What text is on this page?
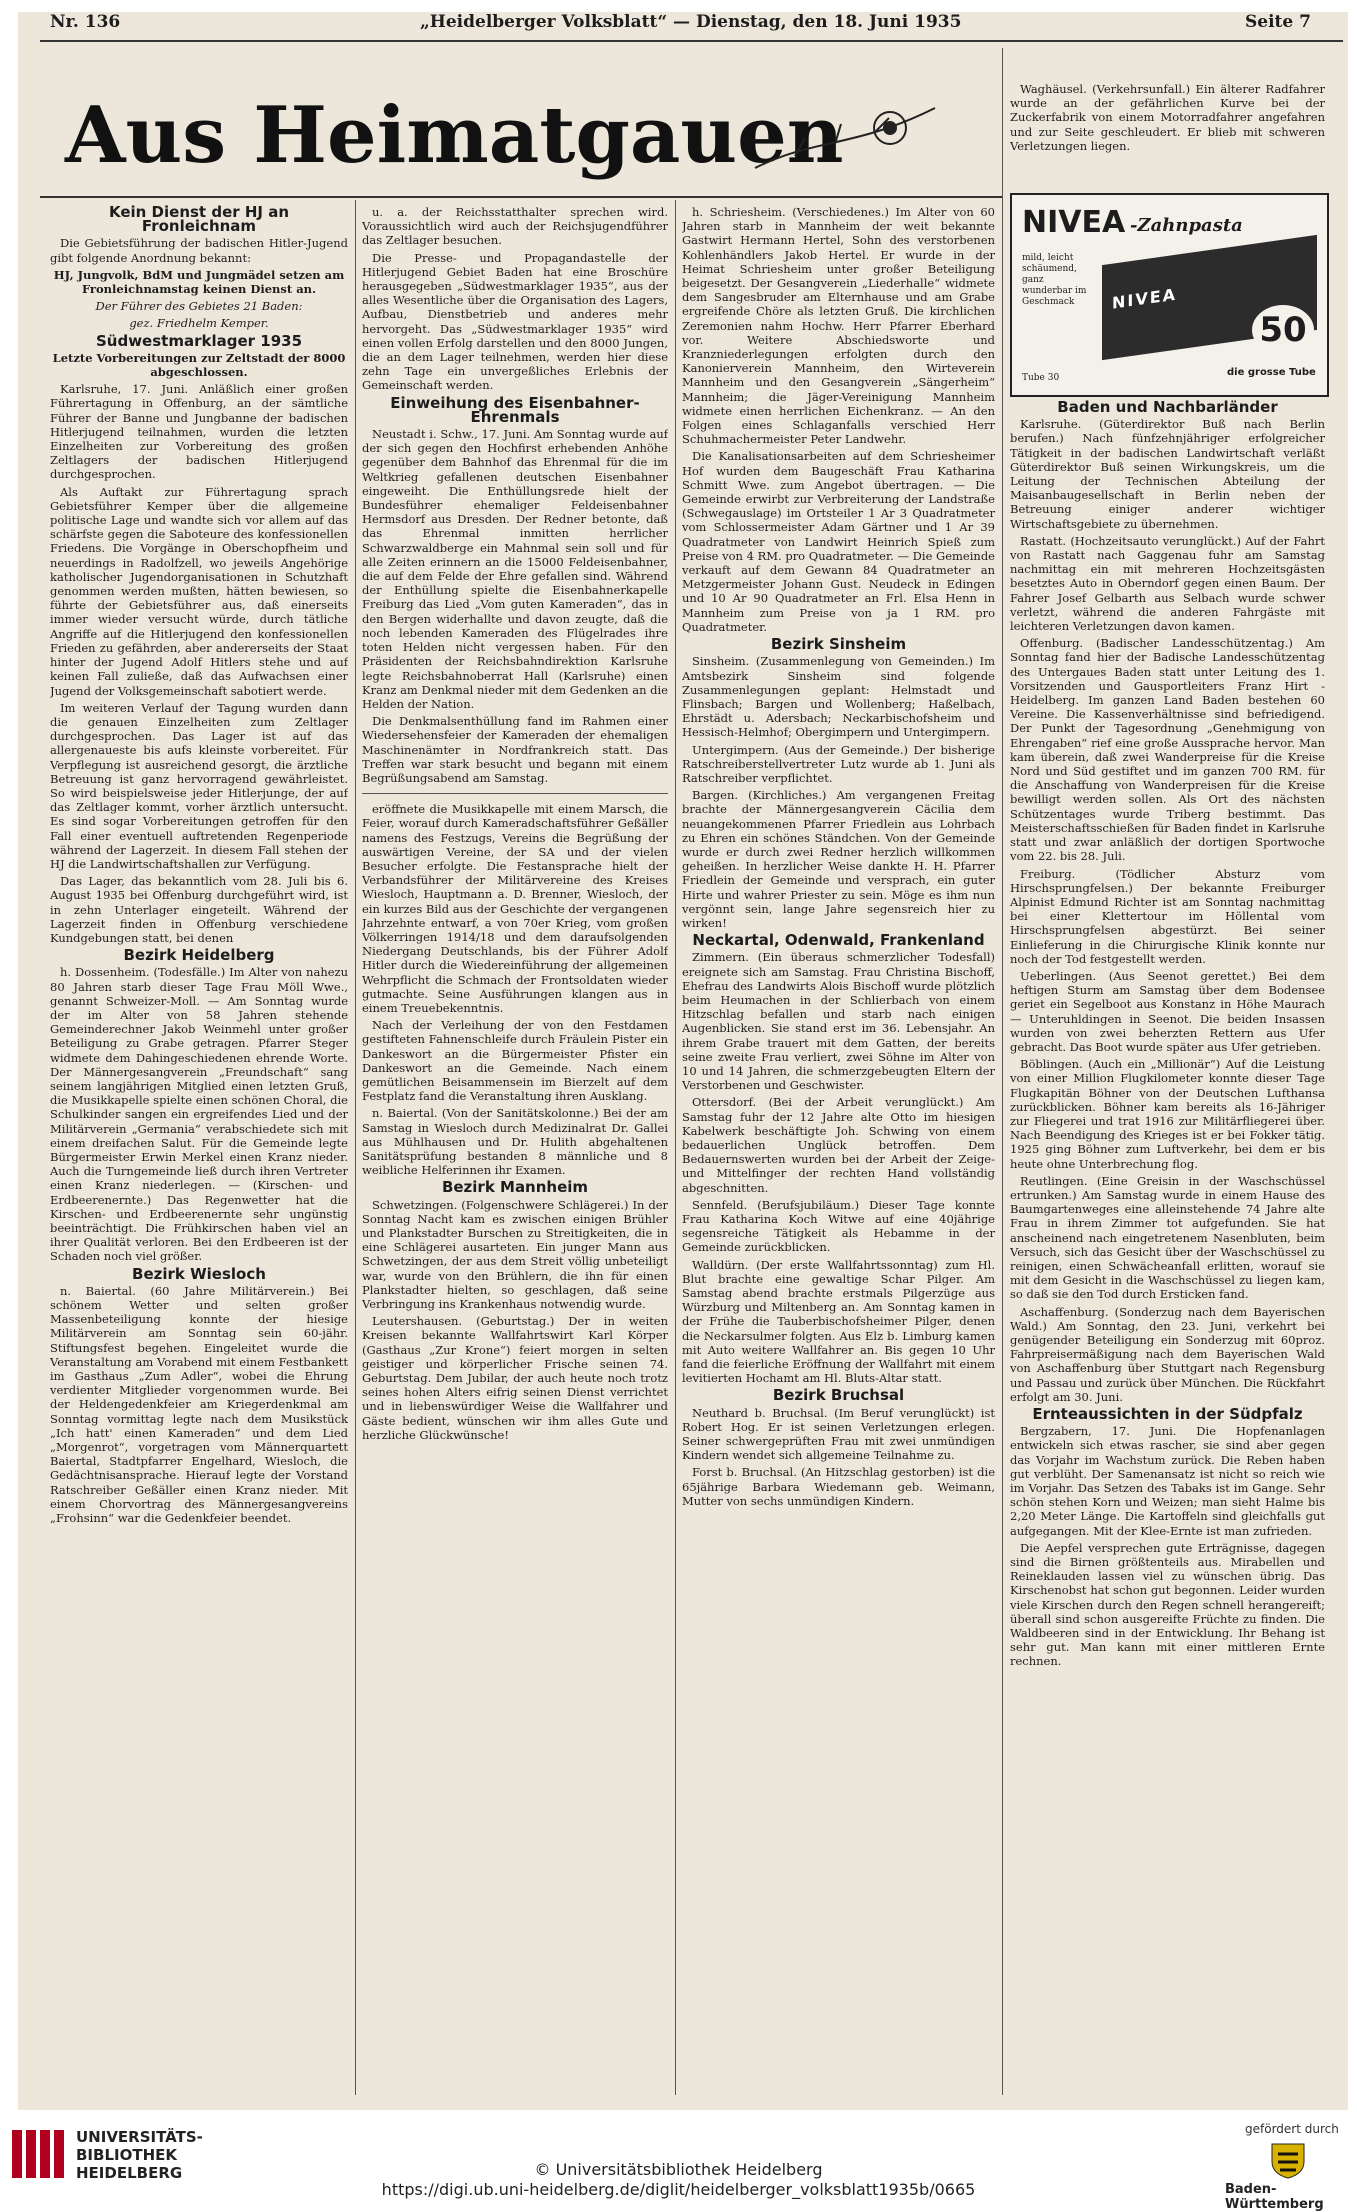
Nr. 136	„Heidelberger Volksblatt“ — Dienstag, den 18. Juni 1935	Seite 7
Aus Heimatgauen

Kein Dienst der HJ an Fronleichnam

Die Gebietsführung der badischen Hitler-Jugend gibt folgende Anordnung bekannt:

HJ, Jungvolk, BdM und Jungmädel setzen am Fronleichnamstag keinen Dienst an.

Der Führer des Gebietes 21 Baden:

gez. Friedhelm Kemper.

Südwestmarklager 1935

Letzte Vorbereitungen zur Zeltstadt der 8000 abgeschlossen.

Karlsruhe, 17. Juni. Anläßlich einer großen Führertagung in Offenburg, an der sämtliche Führer der Banne und Jungbanne der badischen Hitlerjugend teilnahmen, wurden die letzten Einzelheiten zur Vorbereitung des großen Zeltlagers der badischen Hitlerjugend durchgesprochen.

Als Auftakt zur Führertagung sprach Gebietsführer Kemper über die allgemeine politische Lage und wandte sich vor allem auf das schärfste gegen die Saboteure des konfessionellen Friedens. Die Vorgänge in Oberschopfheim und neuerdings in Radolfzell, wo jeweils Angehörige katholischer Jugendorganisationen in Schutzhaft genommen werden mußten, hätten bewiesen, so führte der Gebietsführer aus, daß einerseits immer wieder versucht würde, durch tätliche Angriffe auf die Hitlerjugend den konfessionellen Frieden zu gefährden, aber andererseits der Staat hinter der Jugend Adolf Hitlers stehe und auf keinen Fall zuließe, daß das Aufwachsen einer Jugend der Volksgemeinschaft sabotiert werde.

Im weiteren Verlauf der Tagung wurden dann die genauen Einzelheiten zum Zeltlager durchgesprochen. Das Lager ist auf das allergenaueste bis aufs kleinste vorbereitet. Für Verpflegung ist ausreichend gesorgt, die ärztliche Betreuung ist ganz hervorragend gewährleistet. So wird beispielsweise jeder Hitlerjunge, der auf das Zeltlager kommt, vorher ärztlich untersucht. Es sind sogar Vorbereitungen getroffen für den Fall einer eventuell auftretenden Regenperiode während der Lagerzeit. In diesem Fall stehen der HJ die Landwirtschaftshallen zur Verfügung.

Das Lager, das bekanntlich vom 28. Juli bis 6. August 1935 bei Offenburg durchgeführt wird, ist in zehn Unterlager eingeteilt. Während der Lagerzeit finden in Offenburg verschiedene Kundgebungen statt, bei denen

Bezirk Heidelberg

h. Dossenheim. (Todesfälle.) Im Alter von nahezu 80 Jahren starb dieser Tage Frau Möll Wwe., genannt Schweizer-Moll. — Am Sonntag wurde der im Alter von 58 Jahren stehende Gemeinderechner Jakob Weinmehl unter großer Beteiligung zu Grabe getragen. Pfarrer Steger widmete dem Dahingeschiedenen ehrende Worte. Der Männergesangverein „Freundschaft“ sang seinem langjährigen Mitglied einen letzten Gruß, die Musikkapelle spielte einen schönen Choral, die Schulkinder sangen ein ergreifendes Lied und der Militärverein „Germania“ verabschiedete sich mit einem dreifachen Salut. Für die Gemeinde legte Bürgermeister Erwin Merkel einen Kranz nieder. Auch die Turngemeinde ließ durch ihren Vertreter einen Kranz niederlegen. — (Kirschen- und Erdbeerenernte.) Das Regenwetter hat die Kirschen- und Erdbeerenernte sehr ungünstig beeinträchtigt. Die Frühkirschen haben viel an ihrer Qualität verloren. Bei den Erdbeeren ist der Schaden noch viel größer.

Bezirk Wiesloch

n. Baiertal. (60 Jahre Militärverein.) Bei schönem Wetter und selten großer Massenbeteiligung konnte der hiesige Militärverein am Sonntag sein 60-jähr. Stiftungsfest begehen. Eingeleitet wurde die Veranstaltung am Vorabend mit einem Festbankett im Gasthaus „Zum Adler“, wobei die Ehrung verdienter Mitglieder vorgenommen wurde. Bei der Heldengedenkfeier am Kriegerdenkmal am Sonntag vormittag legte nach dem Musikstück „Ich hatt' einen Kameraden“ und dem Lied „Morgenrot“, vorgetragen vom Männerquartett Baiertal, Stadtpfarrer Engelhard, Wiesloch, die Gedächtnisansprache. Hierauf legte der Vorstand Ratschreiber Geßäller einen Kranz nieder. Mit einem Chorvortrag des Männergesangvereins „Frohsinn“ war die Gedenkfeier beendet.

u. a. der Reichsstatthalter sprechen wird. Voraussichtlich wird auch der Reichsjugendführer das Zeltlager besuchen.

Die Presse- und Propagandastelle der Hitlerjugend Gebiet Baden hat eine Broschüre herausgegeben „Südwestmarklager 1935“, aus der alles Wesentliche über die Organisation des Lagers, Aufbau, Dienstbetrieb und anderes mehr hervorgeht. Das „Südwestmarklager 1935“ wird einen vollen Erfolg darstellen und den 8000 Jungen, die an dem Lager teilnehmen, werden hier diese zehn Tage ein unvergeßliches Erlebnis der Gemeinschaft werden.

Einweihung des Eisenbahner-Ehrenmals

Neustadt i. Schw., 17. Juni. Am Sonntag wurde auf der sich gegen den Hochfirst erhebenden Anhöhe gegenüber dem Bahnhof das Ehrenmal für die im Weltkrieg gefallenen deutschen Eisenbahner eingeweiht. Die Enthüllungsrede hielt der Bundesführer ehemaliger Feldeisenbahner Hermsdorf aus Dresden. Der Redner betonte, daß das Ehrenmal inmitten herrlicher Schwarzwaldberge ein Mahnmal sein soll und für alle Zeiten erinnern an die 15000 Feldeisenbahner, die auf dem Felde der Ehre gefallen sind. Während der Enthüllung spielte die Eisenbahnerkapelle Freiburg das Lied „Vom guten Kameraden“, das in den Bergen widerhallte und davon zeugte, daß die noch lebenden Kameraden des Flügelrades ihre toten Helden nicht vergessen haben. Für den Präsidenten der Reichsbahndirektion Karlsruhe legte Reichsbahnoberrat Hall (Karlsruhe) einen Kranz am Denkmal nieder mit dem Gedenken an die Helden der Nation.

Die Denkmalsenthüllung fand im Rahmen einer Wiedersehensfeier der Kameraden der ehemaligen Maschinenämter in Nordfrankreich statt. Das Treffen war stark besucht und begann mit einem Begrüßungsabend am Samstag.

eröffnete die Musikkapelle mit einem Marsch, die Feier, worauf durch Kameradschaftsführer Geßäller namens des Festzugs, Vereins die Begrüßung der auswärtigen Vereine, der SA und der vielen Besucher erfolgte. Die Festansprache hielt der Verbandsführer der Militärvereine des Kreises Wiesloch, Hauptmann a. D. Brenner, Wiesloch, der ein kurzes Bild aus der Geschichte der vergangenen Jahrzehnte entwarf, a von 70er Krieg, vom großen Völkerringen 1914/18 und dem daraufsolgenden Niedergang Deutschlands, bis der Führer Adolf Hitler durch die Wiedereinführung der allgemeinen Wehrpflicht die Schmach der Frontsoldaten wieder gutmachte. Seine Ausführungen klangen aus in einem Treuebekenntnis.

Nach der Verleihung der von den Festdamen gestifteten Fahnenschleife durch Fräulein Pister ein Dankeswort an die Bürgermeister Pfister ein Dankeswort an die Gemeinde. Nach einem gemütlichen Beisammensein im Bierzelt auf dem Festplatz fand die Veranstaltung ihren Ausklang.

n. Baiertal. (Von der Sanitätskolonne.) Bei der am Samstag in Wiesloch durch Medizinalrat Dr. Gallei aus Mühlhausen und Dr. Hulith abgehaltenen Sanitätsprüfung bestanden 8 männliche und 8 weibliche Helferinnen ihr Examen.

Bezirk Mannheim

Schwetzingen. (Folgenschwere Schlägerei.) In der Sonntag Nacht kam es zwischen einigen Brühler und Plankstadter Burschen zu Streitigkeiten, die in eine Schlägerei ausarteten. Ein junger Mann aus Schwetzingen, der aus dem Streit völlig unbeteiligt war, wurde von den Brühlern, die ihn für einen Plankstadter hielten, so geschlagen, daß seine Verbringung ins Krankenhaus notwendig wurde.

Leutershausen. (Geburtstag.) Der in weiten Kreisen bekannte Wallfahrtswirt Karl Körper (Gasthaus „Zur Krone“) feiert morgen in selten geistiger und körperlicher Frische seinen 74. Geburtstag. Dem Jubilar, der auch heute noch trotz seines hohen Alters eifrig seinen Dienst verrichtet und in liebenswürdiger Weise die Wallfahrer und Gäste bedient, wünschen wir ihm alles Gute und herzliche Glückwünsche!

h. Schriesheim. (Verschiedenes.) Im Alter von 60 Jahren starb in Mannheim der weit bekannte Gastwirt Hermann Hertel, Sohn des verstorbenen Kohlenhändlers Jakob Hertel. Er wurde in der Heimat Schriesheim unter großer Beteiligung beigesetzt. Der Gesangverein „Liederhalle“ widmete dem Sangesbruder am Elternhause und am Grabe ergreifende Chöre als letzten Gruß. Die kirchlichen Zeremonien nahm Hochw. Herr Pfarrer Eberhard vor. Weitere Abschiedsworte und Kranzniederlegungen erfolgten durch den Kanonierverein Mannheim, den Wirteverein Mannheim und den Gesangverein „Sängerheim“ Mannheim; die Jäger-Vereinigung Mannheim widmete einen herrlichen Eichenkranz. — An den Folgen eines Schlaganfalls verschied Herr Schuhmachermeister Peter Landwehr.

Die Kanalisationsarbeiten auf dem Schriesheimer Hof wurden dem Baugeschäft Frau Katharina Schmitt Wwe. zum Angebot übertragen. — Die Gemeinde erwirbt zur Verbreiterung der Landstraße (Schwegauslage) im Ortsteiler 1 Ar 3 Quadratmeter vom Schlossermeister Adam Gärtner und 1 Ar 39 Quadratmeter von Landwirt Heinrich Spieß zum Preise von 4 RM. pro Quadratmeter. — Die Gemeinde verkauft auf dem Gewann 84 Quadratmeter an Metzgermeister Johann Gust. Neudeck in Edingen und 10 Ar 90 Quadratmeter an Frl. Elsa Henn in Mannheim zum Preise von ja 1 RM. pro Quadratmeter.

Bezirk Sinsheim

Sinsheim. (Zusammenlegung von Gemeinden.) Im Amtsbezirk Sinsheim sind folgende Zusammenlegungen geplant: Helmstadt und Flinsbach; Bargen und Wollenberg; Haßelbach, Ehrstädt u. Adersbach; Neckarbischofsheim und Hessisch-Helmhof; Obergimpern und Untergimpern.

Untergimpern. (Aus der Gemeinde.) Der bisherige Ratschreiberstellvertreter Lutz wurde ab 1. Juni als Ratschreiber verpflichtet.

Bargen. (Kirchliches.) Am vergangenen Freitag brachte der Männergesangverein Cäcilia dem neuangekommenen Pfarrer Friedlein aus Lohrbach zu Ehren ein schönes Ständchen. Von der Gemeinde wurde er durch zwei Redner herzlich willkommen geheißen. In herzlicher Weise dankte H. H. Pfarrer Friedlein der Gemeinde und versprach, ein guter Hirte und wahrer Priester zu sein. Möge es ihm nun vergönnt sein, lange Jahre segensreich hier zu wirken!

Neckartal, Odenwald, Frankenland

Zimmern. (Ein überaus schmerzlicher Todesfall) ereignete sich am Samstag. Frau Christina Bischoff, Ehefrau des Landwirts Alois Bischoff wurde plötzlich beim Heumachen in der Schlierbach von einem Hitzschlag befallen und starb nach einigen Augenblicken. Sie stand erst im 36. Lebensjahr. An ihrem Grabe trauert mit dem Gatten, der bereits seine zweite Frau verliert, zwei Söhne im Alter von 10 und 14 Jahren, die schmerzgebeugten Eltern der Verstorbenen und Geschwister.

Ottersdorf. (Bei der Arbeit verunglückt.) Am Samstag fuhr der 12 Jahre alte Otto im hiesigen Kabelwerk beschäftigte Joh. Schwing von einem bedauerlichen Unglück betroffen. Dem Bedauernswerten wurden bei der Arbeit der Zeige- und Mittelfinger der rechten Hand vollständig abgeschnitten.

Sennfeld. (Berufsjubiläum.) Dieser Tage konnte Frau Katharina Koch Witwe auf eine 40jährige segensreiche Tätigkeit als Hebamme in der Gemeinde zurückblicken.

Walldürn. (Der erste Wallfahrtssonntag) zum Hl. Blut brachte eine gewaltige Schar Pilger. Am Samstag abend brachte erstmals Pilgerzüge aus Würzburg und Miltenberg an. Am Sonntag kamen in der Frühe die Tauberbischofsheimer Pilger, denen die Neckarsulmer folgten. Aus Elz b. Limburg kamen mit Auto weitere Wallfahrer an. Bis gegen 10 Uhr fand die feierliche Eröffnung der Wallfahrt mit einem levitierten Hochamt am Hl. Bluts-Altar statt.

Bezirk Bruchsal

Neuthard b. Bruchsal. (Im Beruf verunglückt) ist Robert Hog. Er ist seinen Verletzungen erlegen. Seiner schwergeprüften Frau mit zwei unmündigen Kindern wendet sich allgemeine Teilnahme zu.

Forst b. Bruchsal. (An Hitzschlag gestorben) ist die 65jährige Barbara Wiedemann geb. Weimann, Mutter von sechs unmündigen Kindern.

Waghäusel. (Verkehrsunfall.) Ein älterer Radfahrer wurde an der gefährlichen Kurve bei der Zuckerfabrik von einem Motorradfahrer angefahren und zur Seite geschleudert. Er blieb mit schweren Verletzungen liegen.

NIVEA -Zahnpasta
mild, leicht schäumend, ganz wunderbar im Geschmack	NIVEA
50
die grosse Tube
Tube 30

Baden und Nachbarländer

Karlsruhe. (Güterdirektor Buß nach Berlin berufen.) Nach fünfzehnjähriger erfolgreicher Tätigkeit in der badischen Landwirtschaft verläßt Güterdirektor Buß seinen Wirkungskreis, um die Leitung der Technischen Abteilung der Maisanbaugesellschaft in Berlin neben der Betreuung einiger anderer wichtiger Wirtschaftsgebiete zu übernehmen.

Rastatt. (Hochzeitsauto verunglückt.) Auf der Fahrt von Rastatt nach Gaggenau fuhr am Samstag nachmittag ein mit mehreren Hochzeitsgästen besetztes Auto in Oberndorf gegen einen Baum. Der Fahrer Josef Gelbarth aus Selbach wurde schwer verletzt, während die anderen Fahrgäste mit leichteren Verletzungen davon kamen.

Offenburg. (Badischer Landesschützentag.) Am Sonntag fand hier der Badische Landesschützentag des Untergaues Baden statt unter Leitung des 1. Vorsitzenden und Gausportleiters Franz Hirt - Heidelberg. Im ganzen Land Baden bestehen 60 Vereine. Die Kassenverhältnisse sind befriedigend. Der Punkt der Tagesordnung „Genehmigung von Ehrengaben“ rief eine große Aussprache hervor. Man kam überein, daß zwei Wanderpreise für die Kreise Nord und Süd gestiftet und im ganzen 700 RM. für die Anschaffung von Wanderpreisen für die Kreise bewilligt werden sollen. Als Ort des nächsten Schützentages wurde Triberg bestimmt. Das Meisterschaftsschießen für Baden findet in Karlsruhe statt und zwar anläßlich der dortigen Sportwoche vom 22. bis 28. Juli.

Freiburg. (Tödlicher Absturz vom Hirschsprungfelsen.) Der bekannte Freiburger Alpinist Edmund Richter ist am Sonntag nachmittag bei einer Klettertour im Höllental vom Hirschsprungfelsen abgestürzt. Bei seiner Einlieferung in die Chirurgische Klinik konnte nur noch der Tod festgestellt werden.

Ueberlingen. (Aus Seenot gerettet.) Bei dem heftigen Sturm am Samstag über dem Bodensee geriet ein Segelboot aus Konstanz in Höhe Maurach — Unteruhldingen in Seenot. Die beiden Insassen wurden von zwei beherzten Rettern aus Ufer gebracht. Das Boot wurde später aus Ufer getrieben.

Böblingen. (Auch ein „Millionär“) Auf die Leistung von einer Million Flugkilometer konnte dieser Tage Flugkapitän Böhner von der Deutschen Lufthansa zurückblicken. Böhner kam bereits als 16-Jähriger zur Fliegerei und trat 1916 zur Militärfliegerei über. Nach Beendigung des Krieges ist er bei Fokker tätig. 1925 ging Böhner zum Luftverkehr, bei dem er bis heute ohne Unterbrechung flog.

Reutlingen. (Eine Greisin in der Waschschüssel ertrunken.) Am Samstag wurde in einem Hause des Baumgartenweges eine alleinstehende 74 Jahre alte Frau in ihrem Zimmer tot aufgefunden. Sie hat anscheinend nach eingetretenem Nasenbluten, beim Versuch, sich das Gesicht über der Waschschüssel zu reinigen, einen Schwächeanfall erlitten, worauf sie mit dem Gesicht in die Waschschüssel zu liegen kam, so daß sie den Tod durch Ersticken fand.

Aschaffenburg. (Sonderzug nach dem Bayerischen Wald.) Am Sonntag, den 23. Juni, verkehrt bei genügender Beteiligung ein Sonderzug mit 60proz. Fahrpreisermäßigung nach dem Bayerischen Wald von Aschaffenburg über Stuttgart nach Regensburg und Passau und zurück über München. Die Rückfahrt erfolgt am 30. Juni.

Ernteaussichten in der Südpfalz

Bergzabern, 17. Juni. Die Hopfenanlagen entwickeln sich etwas rascher, sie sind aber gegen das Vorjahr im Wachstum zurück. Die Reben haben gut verblüht. Der Samenansatz ist nicht so reich wie im Vorjahr. Das Setzen des Tabaks ist im Gange. Sehr schön stehen Korn und Weizen; man sieht Halme bis 2,20 Meter Länge. Die Kartoffeln sind gleichfalls gut aufgegangen. Mit der Klee-Ernte ist man zufrieden.

Die Aepfel versprechen gute Erträgnisse, dagegen sind die Birnen größtenteils aus. Mirabellen und Reineklauden lassen viel zu wünschen übrig. Das Kirschenobst hat schon gut begonnen. Leider wurden viele Kirschen durch den Regen schnell herangereift; überall sind schon ausgereifte Früchte zu finden. Die Waldbeeren sind in der Entwicklung. Ihr Behang ist sehr gut. Man kann mit einer mittleren Ernte rechnen.

UNIVERSITÄTS-
BIBLIOTHEK
HEIDELBERG	© Universitätsbibliothek Heidelberg
https://digi.ub.uni-heidelberg.de/diglit/heidelberger_volksblatt1935b/0665
gefördert durch
Baden-Württemberg
